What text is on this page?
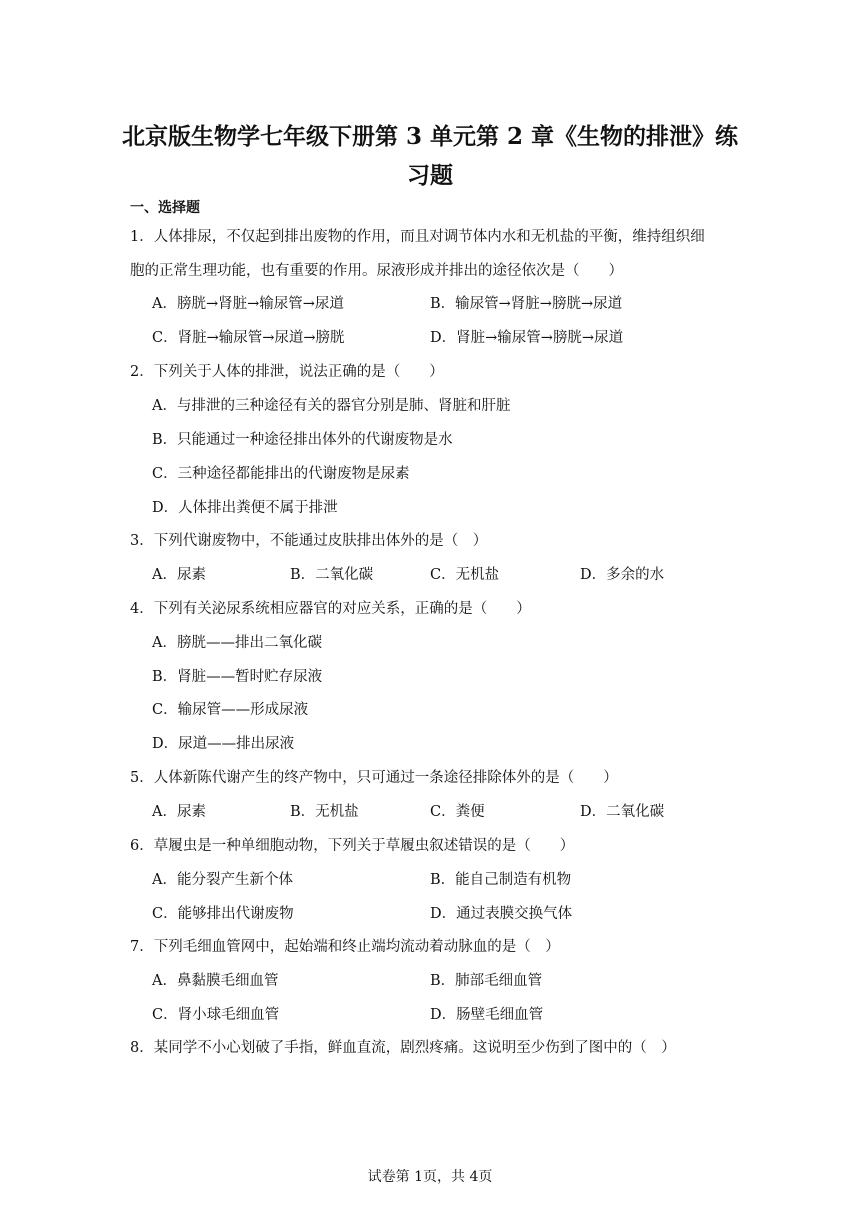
北京版生物学七年级下册第 3 单元第 2 章《生物的排泄》练
习题
一、选择题
1．人体排尿，不仅起到排出废物的作用，而且对调节体内水和无机盐的平衡，维持组织细
胞的正常生理功能，也有重要的作用。尿液形成并排出的途径依次是（　　）
A．膀胱→肾脏→输尿管→尿道	B．输尿管→肾脏→膀胱→尿道
C．肾脏→输尿管→尿道→膀胱	D．肾脏→输尿管→膀胱→尿道
2．下列关于人体的排泄，说法正确的是（　　）
A．与排泄的三种途径有关的器官分别是肺、肾脏和肝脏
B．只能通过一种途径排出体外的代谢废物是水
C．三种途径都能排出的代谢废物是尿素
D．人体排出粪便不属于排泄
3．下列代谢废物中，不能通过皮肤排出体外的是（　）
A．尿素	B．二氧化碳	C．无机盐	D．多余的水
4．下列有关泌尿系统相应器官的对应关系，正确的是（　　）
A．膀胱——排出二氧化碳
B．肾脏——暂时贮存尿液
C．输尿管——形成尿液
D．尿道——排出尿液
5．人体新陈代谢产生的终产物中，只可通过一条途径排除体外的是（　　）
A．尿素	B．无机盐	C．粪便	D．二氧化碳
6．草履虫是一种单细胞动物，下列关于草履虫叙述错误的是（　　）
A．能分裂产生新个体	B．能自己制造有机物
C．能够排出代谢废物	D．通过表膜交换气体
7．下列毛细血管网中，起始端和终止端均流动着动脉血的是（　）
A．鼻黏膜毛细血管	B．肺部毛细血管
C．肾小球毛细血管	D．肠壁毛细血管
8．某同学不小心划破了手指，鲜血直流，剧烈疼痛。这说明至少伤到了图中的（　）
试卷第 1页，共 4页
